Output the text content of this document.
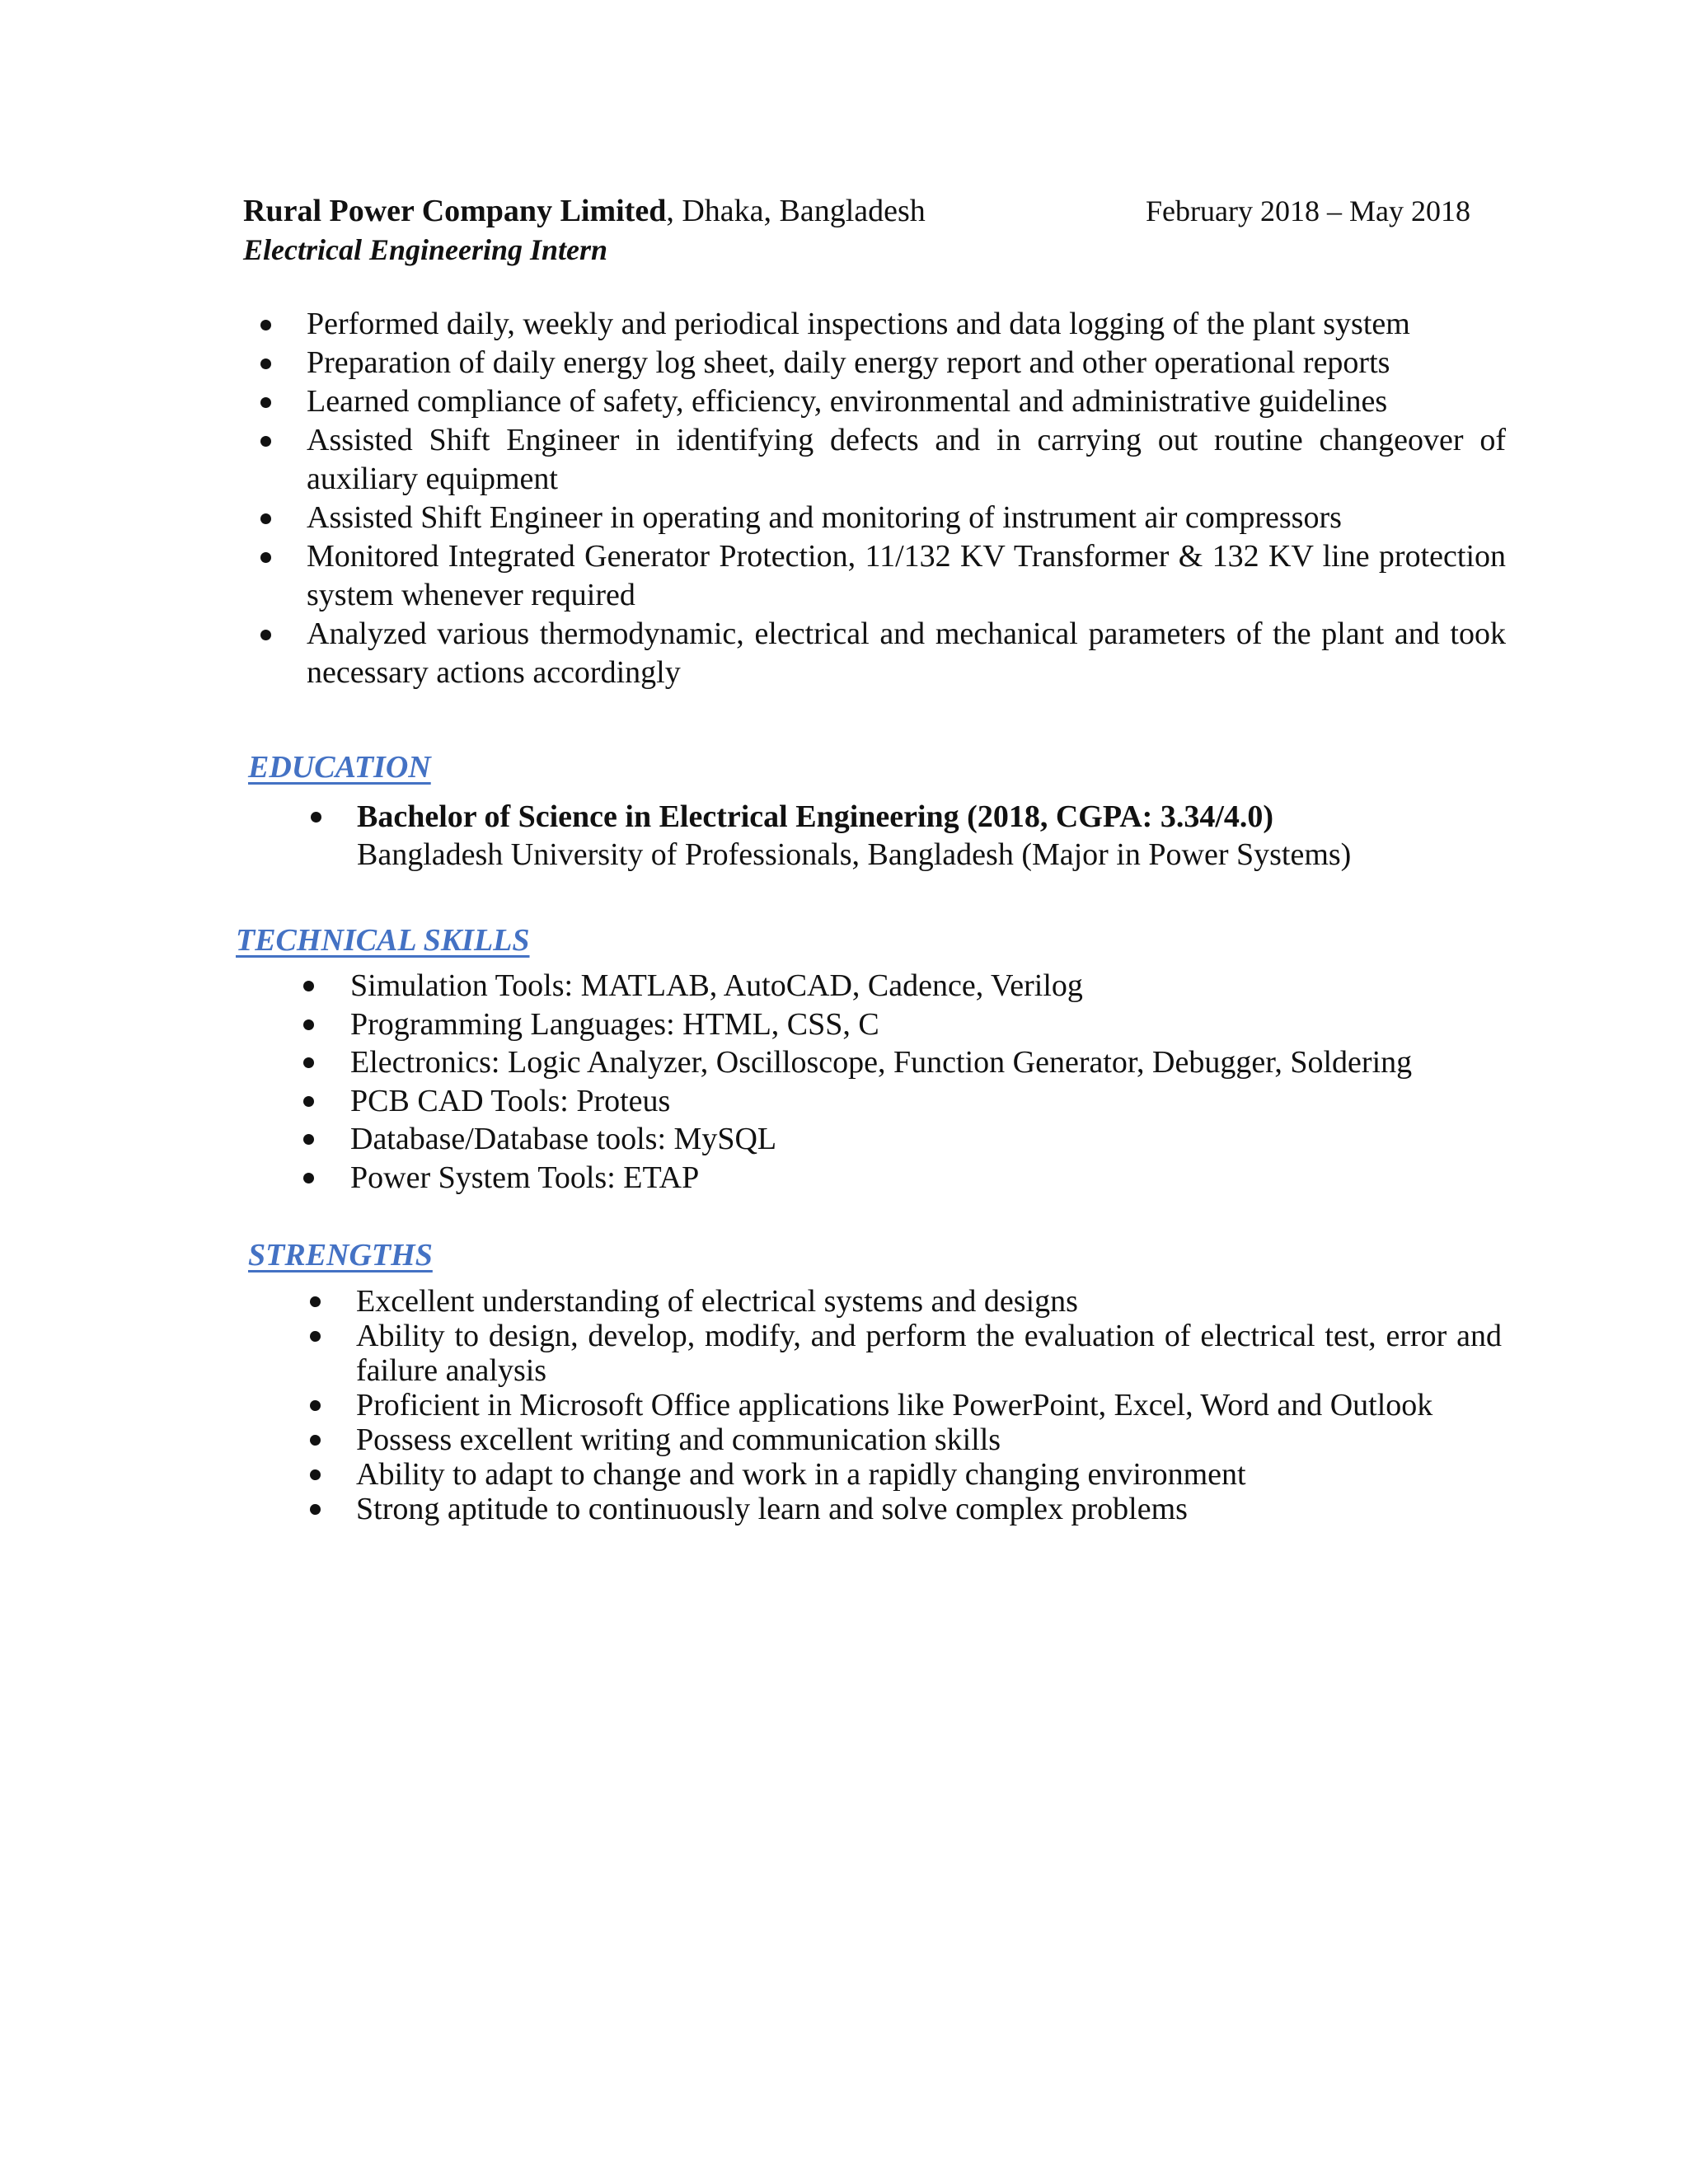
Rural Power Company Limited, Dhaka, Bangladesh	February 2018 – May 2018
Electrical Engineering Intern
Performed daily, weekly and periodical inspections and data logging of the plant system
Preparation of daily energy log sheet, daily energy report and other operational reports
Learned compliance of safety, efficiency, environmental and administrative guidelines
Assisted Shift Engineer in identifying defects and in carrying out routine changeover of auxiliary equipment
Assisted Shift Engineer in operating and monitoring of instrument air compressors
Monitored Integrated Generator Protection, 11/132 KV Transformer & 132 KV line protection system whenever required
Analyzed various thermodynamic, electrical and mechanical parameters of the plant and took necessary actions accordingly
EDUCATION
Bachelor of Science in Electrical Engineering (2018, CGPA: 3.34/4.0)
Bangladesh University of Professionals, Bangladesh (Major in Power Systems)
TECHNICAL SKILLS
Simulation Tools: MATLAB, AutoCAD, Cadence, Verilog
Programming Languages: HTML, CSS, C
Electronics: Logic Analyzer, Oscilloscope, Function Generator, Debugger, Soldering
PCB CAD Tools: Proteus
Database/Database tools: MySQL
Power System Tools: ETAP
STRENGTHS
Excellent understanding of electrical systems and designs
Ability to design, develop, modify, and perform the evaluation of electrical test, error and failure analysis
Proficient in Microsoft Office applications like PowerPoint, Excel, Word and Outlook
Possess excellent writing and communication skills
Ability to adapt to change and work in a rapidly changing environment
Strong aptitude to continuously learn and solve complex problems
